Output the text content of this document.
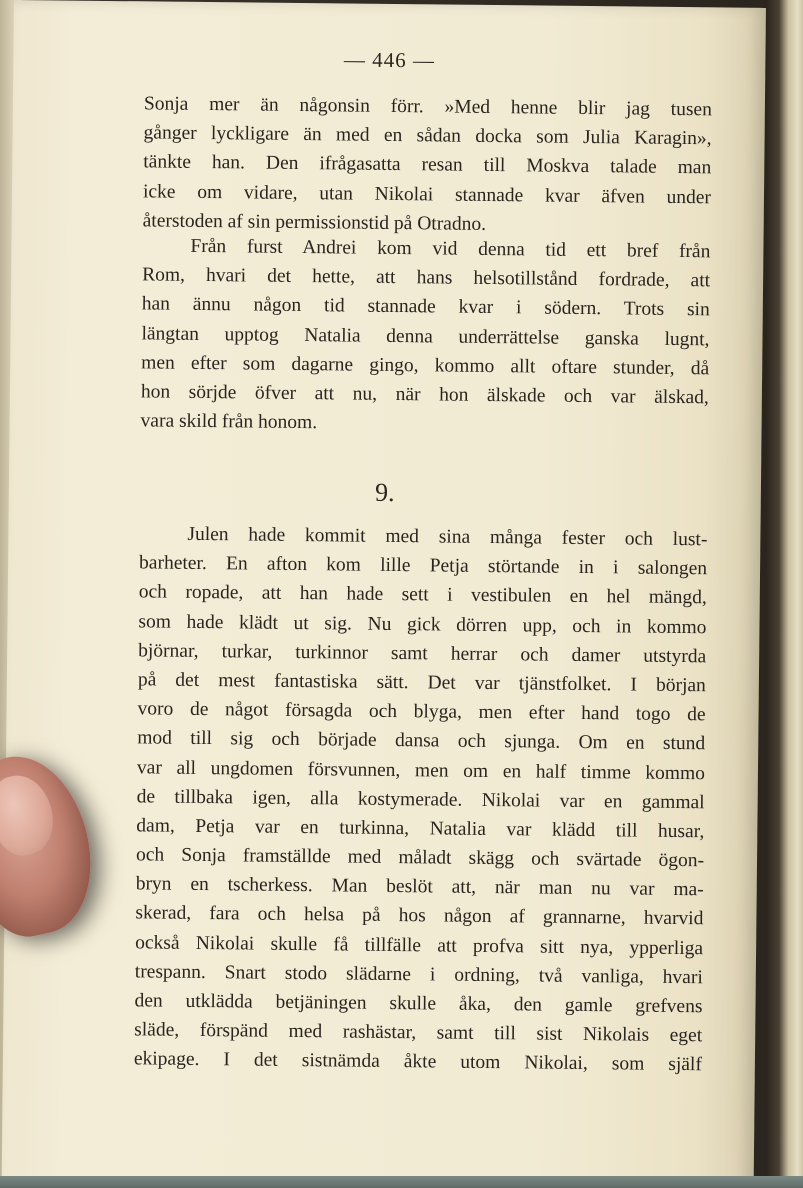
— 446 —
Sonja mer än någonsin förr. »Med henne blir jag tusen
gånger lyckligare än med en sådan docka som Julia Karagin»,
tänkte han. Den ifrågasatta resan till Moskva talade man
icke om vidare, utan Nikolai stannade kvar äfven under
återstoden af sin permissionstid på Otradno.
Från furst Andrei kom vid denna tid ett bref från
Rom, hvari det hette, att hans helsotillstånd fordrade, att
han ännu någon tid stannade kvar i södern. Trots sin
längtan upptog Natalia denna underrättelse ganska lugnt,
men efter som dagarne gingo, kommo allt oftare stunder, då
hon sörjde öfver att nu, när hon älskade och var älskad,
vara skild från honom.
9.
Julen hade kommit med sina många fester och lust-
barheter. En afton kom lille Petja störtande in i salongen
och ropade, att han hade sett i vestibulen en hel mängd,
som hade klädt ut sig. Nu gick dörren upp, och in kommo
björnar, turkar, turkinnor samt herrar och damer utstyrda
på det mest fantastiska sätt. Det var tjänstfolket. I början
voro de något försagda och blyga, men efter hand togo de
mod till sig och började dansa och sjunga. Om en stund
var all ungdomen försvunnen, men om en half timme kommo
de tillbaka igen, alla kostymerade. Nikolai var en gammal
dam, Petja var en turkinna, Natalia var klädd till husar,
och Sonja framställde med måladt skägg och svärtade ögon-
bryn en tscherkess. Man beslöt att, när man nu var ma-
skerad, fara och helsa på hos någon af grannarne, hvarvid
också Nikolai skulle få tillfälle att profva sitt nya, ypperliga
trespann. Snart stodo slädarne i ordning, två vanliga, hvari
den utklädda betjäningen skulle åka, den gamle grefvens
släde, förspänd med rashästar, samt till sist Nikolais eget
ekipage. I det sistnämda åkte utom Nikolai, som själf
